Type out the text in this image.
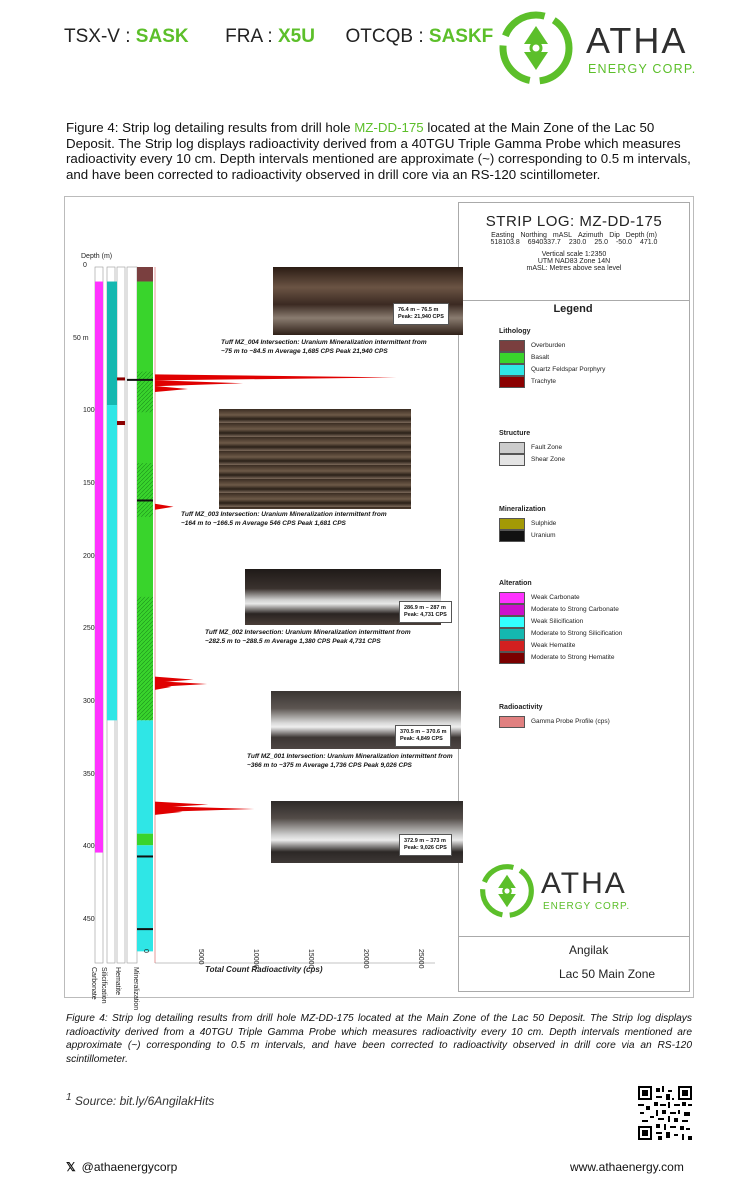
TSX-V : SASK FRA : X5U OTCQB : SASKF	ATHA
ENERGY CORP.
Figure 4: Strip log detailing results from drill hole MZ-DD-175 located at the Main Zone of the Lac 50 Deposit. The Strip log displays radioactivity derived from a 40TGU Triple Gamma Probe which measures radioactivity every 10 cm. Depth intervals mentioned are approximate (~) corresponding to 0.5 m intervals, and have been corrected to radioactivity observed in drill core via an RS-120 scintillometer.
STRIP LOG: MZ-DD-175
Easting Northing mASL Azimuth Dip Depth (m)
518103.8 6940337.7 230.0 25.0 -50.0 471.0
Vertical scale 1:2350
UTM NAD83 Zone 14N
mASL: Metres above sea level
Legend
Lithology
Overburden
Basalt
Quartz Feldspar Porphyry
Trachyte
Structure
Fault Zone
Shear Zone
Mineralization
Sulphide
Uranium
Alteration
Weak Carbonate
Moderate to Strong Carbonate
Weak Silicification
Moderate to Strong Silicification
Weak Hematite
Moderate to Strong Hematite
Radioactivity
Gamma Probe Profile (cps)
ATHA
ENERGY CORP.
Angilak
Lac 50 Main Zone
Depth (m)
0
50 m
100
150
200
250
300
350
400
450
Carbonate Silicification Hematite Mineralization
0	5000	10000	15000	20000	25000
Total Count Radioactivity (cps)
76.4 m – 76.5 m
Peak: 21,940 CPS
286.9 m – 287 m
Peak: 4,731 CPS
370.5 m – 370.6 m
Peak: 4,849 CPS
372.9 m – 373 m
Peak: 9,026 CPS
Tuff MZ_004 Intersection: Uranium Mineralization intermittent from ~75 m to ~84.5 m Average 1,685 CPS Peak 21,940 CPS
Tuff MZ_003 Intersection: Uranium Mineralization intermittent from ~164 m to ~166.5 m Average 546 CPS Peak 1,681 CPS
Tuff MZ_002 Intersection: Uranium Mineralization intermittent from ~282.5 m to ~288.5 m Average 1,380 CPS Peak 4,731 CPS
Tuff MZ_001 Intersection: Uranium Mineralization intermittent from ~366 m to ~375 m Average 1,736 CPS Peak 9,026 CPS
Figure 4: Strip log detailing results from drill hole MZ-DD-175 located at the Main Zone of the Lac 50 Deposit. The Strip log displays radioactivity derived from a 40TGU Triple Gamma Probe which measures radioactivity every 10 cm. Depth intervals mentioned are approximate (~) corresponding to 0.5 m intervals, and have been corrected to radioactivity observed in drill core via an RS-120 scintillometer.
$^1$ Source: bit.ly/6AngilakHits
𝕏 @athaenergycorp	www.athaenergy.com
